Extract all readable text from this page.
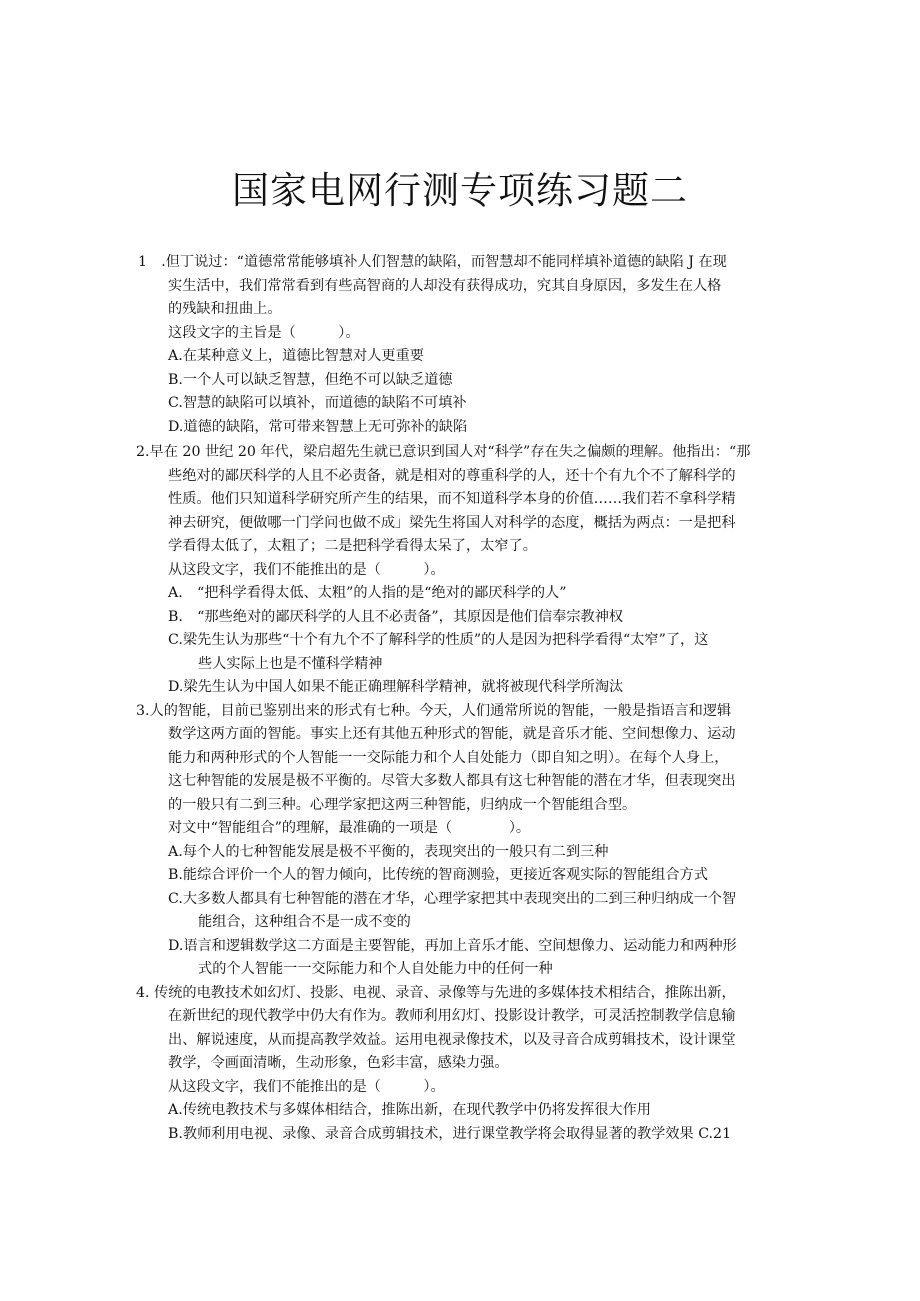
国家电网行测专项练习题二
1　.但丁说过：“道德常常能够填补人们智慧的缺陷，而智慧却不能同样填补道德的缺陷 J 在现
实生活中，我们常常看到有些高智商的人却没有获得成功，究其自身原因，多发生在人格
的残缺和扭曲上。
这段文字的主旨是（　　　）。
A.在某种意义上，道德比智慧对人更重要
B.一个人可以缺乏智慧，但绝不可以缺乏道德
C.智慧的缺陷可以填补，而道德的缺陷不可填补
D.道德的缺陷，常可带来智慧上无可弥补的缺陷
2.早在 20 世纪 20 年代，梁启超先生就已意识到国人对“科学”存在失之偏颇的理解。他指出：“那
些绝对的鄙厌科学的人且不必责备，就是相对的尊重科学的人，还十个有九个不了解科学的
性质。他们只知道科学研究所产生的结果，而不知道科学本身的价值……我们若不拿科学精
神去研究，便做哪一门学问也做不成」梁先生将国人对科学的态度，概括为两点：一是把科
学看得太低了，太粗了；二是把科学看得太呆了，太窄了。
从这段文字，我们不能推出的是（　　　）。
A.　“把科学看得太低、太粗”的人指的是“绝对的鄙厌科学的人”
B.　“那些绝对的鄙厌科学的人且不必责备”，其原因是他们信奉宗教神权
C.梁先生认为那些“十个有九个不了解科学的性质”的人是因为把科学看得“太窄”了，这
些人实际上也是不懂科学精神
D.梁先生认为中国人如果不能正确理解科学精神，就将被现代科学所淘汰
3.人的智能，目前已鉴别出来的形式有七种。今天，人们通常所说的智能，一般是指语言和逻辑
数学这两方面的智能。事实上还有其他五种形式的智能，就是音乐才能、空间想像力、运动
能力和两种形式的个人智能一一交际能力和个人自处能力（即自知之明）。在每个人身上，
这七种智能的发展是极不平衡的。尽管大多数人都具有这七种智能的潜在才华，但表现突出
的一般只有二到三种。心理学家把这两三种智能，归纳成一个智能组合型。
对文中“智能组合”的理解，最准确的一项是（　　　　）。
A.每个人的七种智能发展是极不平衡的，表现突出的一般只有二到三种
B.能综合评价一个人的智力倾向，比传统的智商测验，更接近客观实际的智能组合方式
C.大多数人都具有七种智能的潜在才华，心理学家把其中表现突出的二到三种归纳成一个智
能组合，这种组合不是一成不变的
D.语言和逻辑数学这二方面是主要智能，再加上音乐才能、空间想像力、运动能力和两种形
式的个人智能一一交际能力和个人自处能力中的任何一种
4. 传统的电教技术如幻灯、投影、电视、录音、录像等与先进的多媒体技术相结合，推陈出新，
在新世纪的现代教学中仍大有作为。教师利用幻灯、投影设计教学，可灵活控制教学信息输
出、解说速度，从而提高教学效益。运用电视录像技术，以及寻音合成剪辑技术，设计课堂
教学，令画面清晰，生动形象，色彩丰富，感染力强。
从这段文字，我们不能推出的是（　　　）。
A.传统电教技术与多媒体相结合，推陈出新，在现代教学中仍将发挥很大作用
B.教师利用电视、录像、录音合成剪辑技术，进行课堂教学将会取得显著的教学效果 C.21
